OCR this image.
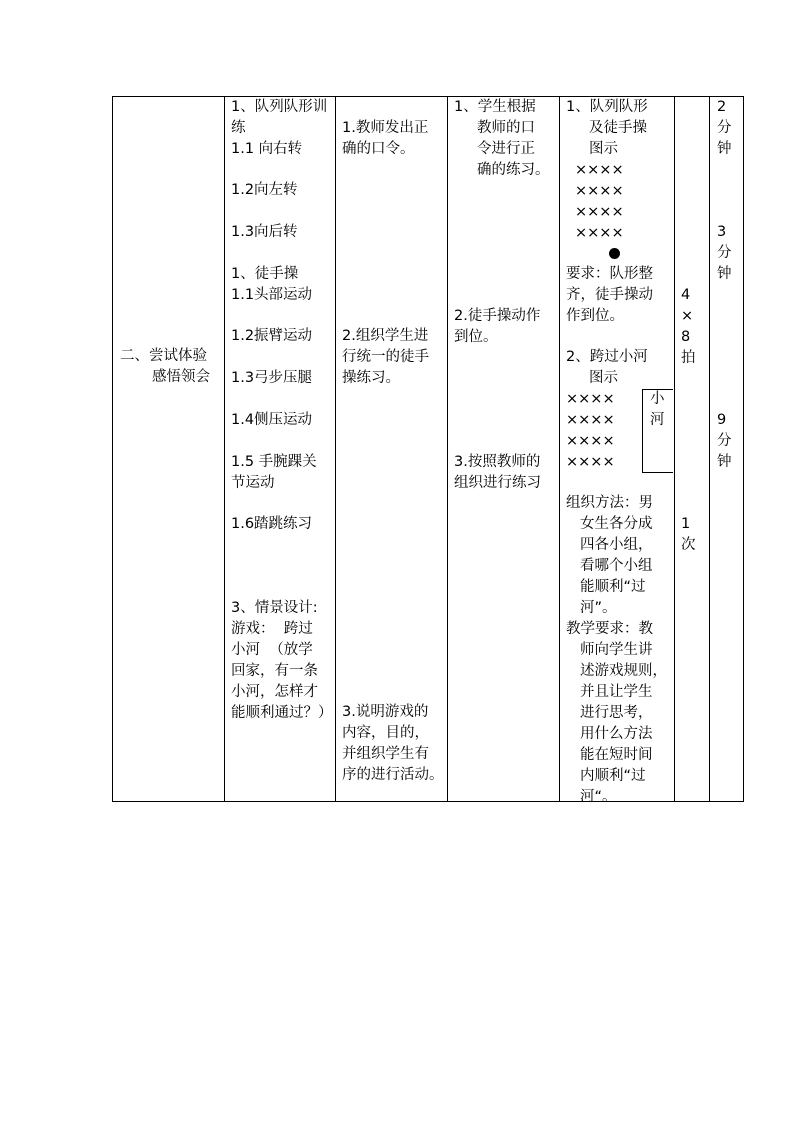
二、尝试体验
感悟领会
1、队列队形训
练
1.1 向右转
1.2向左转
1.3向后转
1、徒手操
1.1头部运动
1.2振臂运动
1.3弓步压腿
1.4侧压运动
1.5 手腕踝关
节运动
1.6踏跳练习
3、情景设计:
游戏：  跨过
小河  （放学
回家，有一条
小河，怎样才
能顺利通过？）
1.教师发出正
确的口令。
2.组织学生进
行统一的徒手
操练习。
3.说明游戏的
内容，目的，
并组织学生有
序的进行活动。
1、学生根据
教师的口
令进行正
确的练习。
2.徒手操动作
到位。
3.按照教师的
组织进行练习
1、队列队形
及徒手操
图示
××××
××××
××××
××××
要求：队形整
齐，徒手操动
作到位。
2、跨过小河
图示
××××
××××
××××
××××
小
河
组织方法：男
女生各分成
四各小组，
看哪个小组
能顺利“过
河”。
教学要求：教
师向学生讲
述游戏规则，
并且让学生
进行思考，
用什么方法
能在短时间
内顺利“过
河“。
4
×
8
拍
1
次
2
分
钟
3
分
钟
9
分
钟
